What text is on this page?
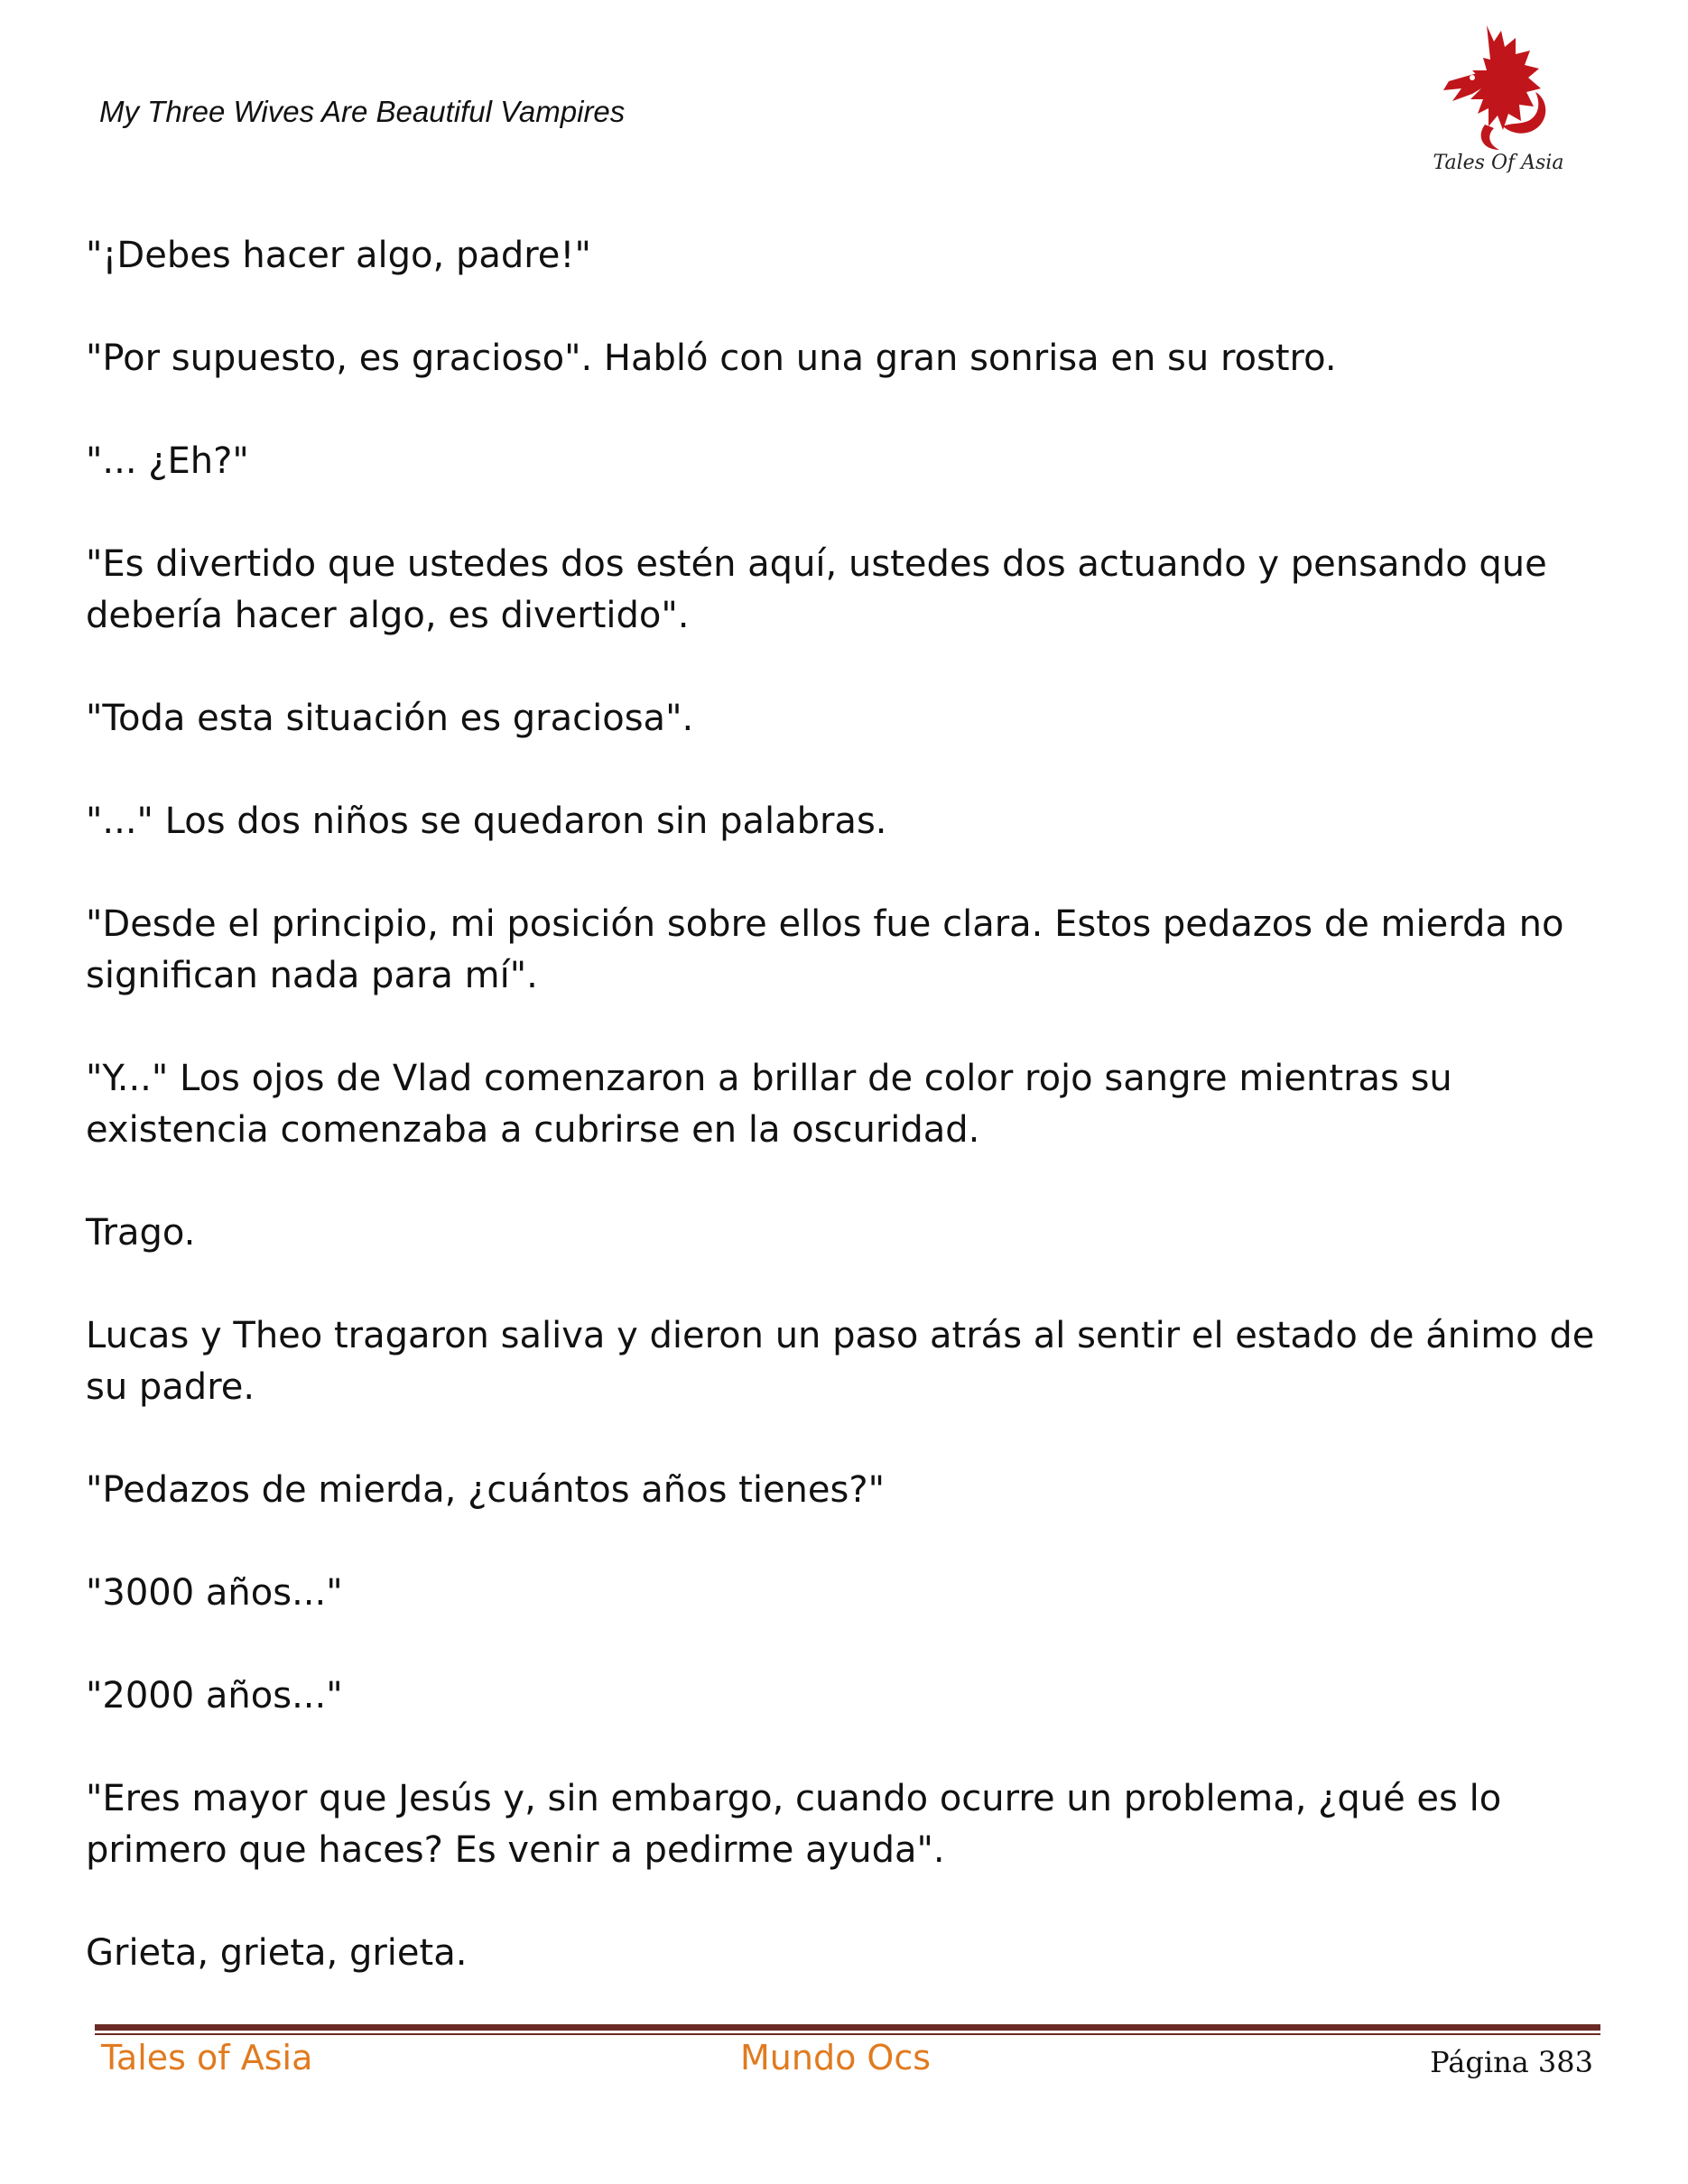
My Three Wives Are Beautiful Vampires
Tales Of Asia

"¡Debes hacer algo, padre!"

"Por supuesto, es gracioso". Habló con una gran sonrisa en su rostro.

"... ¿Eh?"

"Es divertido que ustedes dos estén aquí, ustedes dos actuando y pensando que debería hacer algo, es divertido".

"Toda esta situación es graciosa".

"..." Los dos niños se quedaron sin palabras.

"Desde el principio, mi posición sobre ellos fue clara. Estos pedazos de mierda no significan nada para mí".

"Y..." Los ojos de Vlad comenzaron a brillar de color rojo sangre mientras su existencia comenzaba a cubrirse en la oscuridad.

Trago.

Lucas y Theo tragaron saliva y dieron un paso atrás al sentir el estado de ánimo de su padre.

"Pedazos de mierda, ¿cuántos años tienes?"

"3000 años..."

"2000 años..."

"Eres mayor que Jesús y, sin embargo, cuando ocurre un problema, ¿qué es lo primero que haces? Es venir a pedirme ayuda".

Grieta, grieta, grieta.

Tales of Asia	Mundo Ocs	Página 383
